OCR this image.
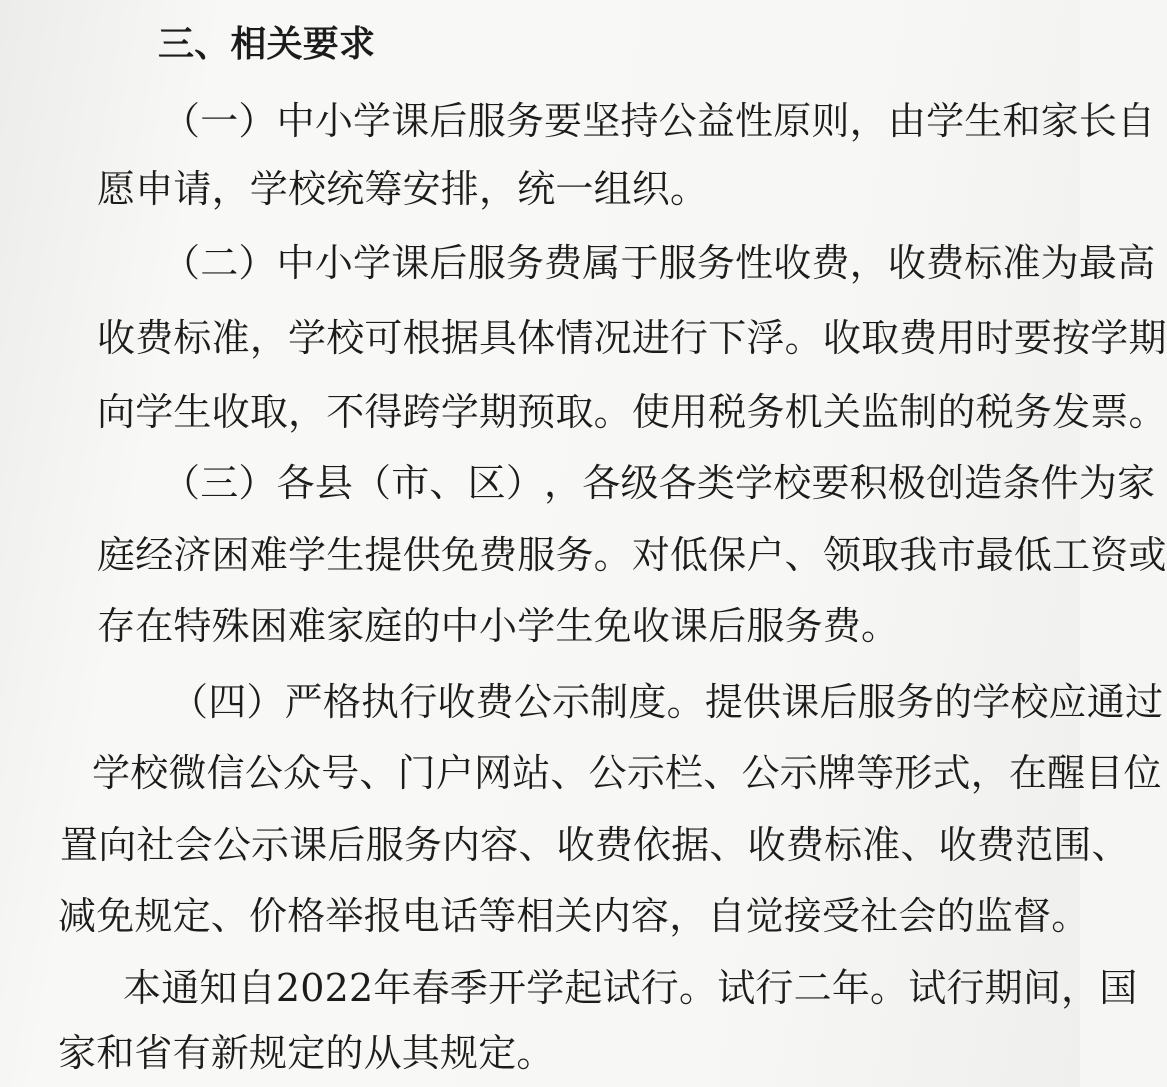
三、相关要求
（ 一 ） 中 小 学 课 后 服 务 要 坚 持 公 益 性 原 则 ， 由 学 生 和 家 长 自
愿申请，学校统筹安排，统一组织。
（ 二 ） 中 小 学 课 后 服 务 费 属 于 服 务 性 收 费 ， 收 费 标 准 为 最 高
收 费 标 准 ， 学 校 可 根 据 具 体 情 况 进 行 下 浮 。 收 取 费 用 时 要 按 学 期
向 学 生 收 取 ， 不 得 跨 学 期 预 取 。 使 用 税 务 机 关 监 制 的 税 务 发 票 。
（ 三 ） 各 县 （ 市 、 区 ） ， 各 级 各 类 学 校 要 积 极 创 造 条 件 为 家
庭 经 济 困 难 学 生 提 供 免 费 服 务 。 对 低 保 户 、 领 取 我 市 最 低 工 资 或
存在特殊困难家庭的中小学生免收课后服务费。
（ 四 ） 严 格 执 行 收 费 公 示 制 度 。 提 供 课 后 服 务 的 学 校 应 通 过
学 校 微 信 公 众 号 、 门 户 网 站 、 公 示 栏 、 公 示 牌 等 形 式 ， 在 醒 目 位
置 向 社 会 公 示 课 后 服 务 内 容 、 收 费 依 据 、 收 费 标 准 、 收 费 范 围 、
减免规定、价格举报电话等相关内容，自觉接受社会的监督。
本 通 知 自 2 0 2 2 年 春 季 开 学 起 试 行 。 试 行 二 年 。 试 行 期 间 ， 国
家和省有新规定的从其规定。
